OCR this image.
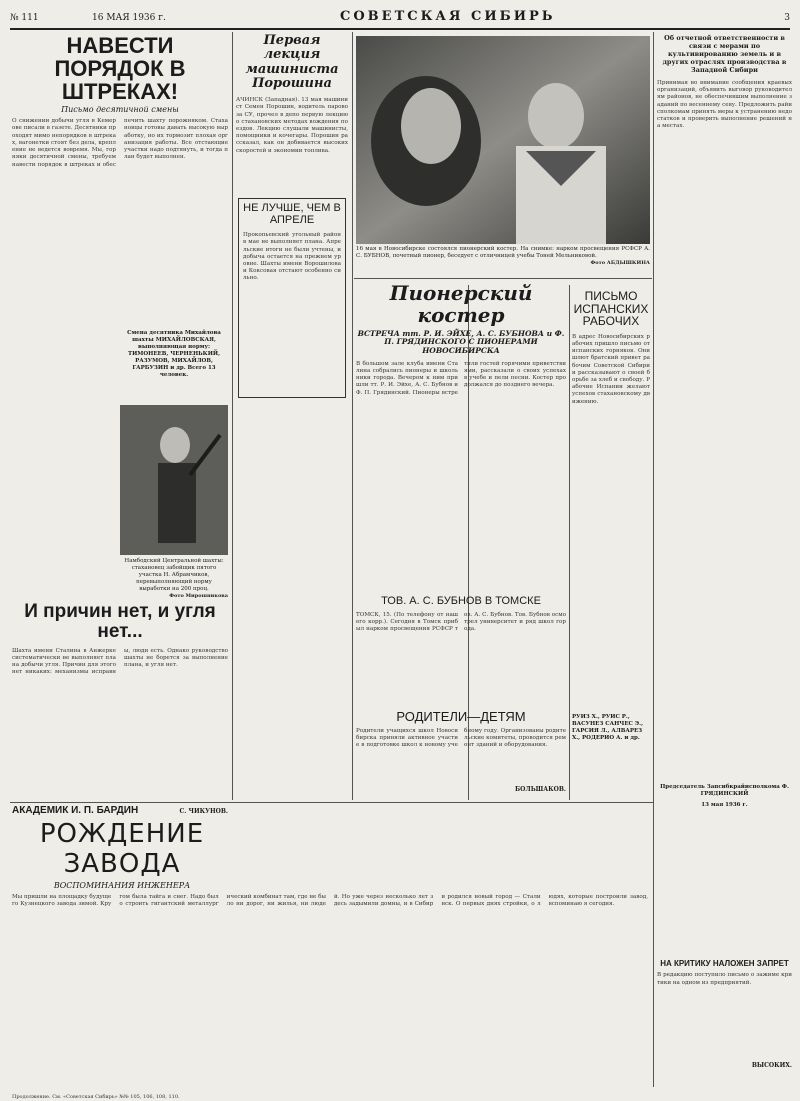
№ 111	16 МАЯ 1936 г.	СОВЕТСКАЯ СИБИРЬ	3
НАВЕСТИ ПОРЯДОК В ШТРЕКАХ!
Письмо десятичной смены
О снижении добычи угля в Кемерове писали в газете. Десятники проходят мимо непорядков в штреках, вагонетки стоят без дела, крепление не ведется вовремя. Мы, горняки десятичной смены, требуем навести порядок в штреках и обеспечить шахту порожняком. Стахановцы готовы давать высокую выработку, но их тормозит плохая организация работы. Все отстающие участки надо подтянуть, и тогда план будет выполнен.
Первая лекция машиниста Порошина
АЧИНСК (Западная). 13 мая машинист Семен Порошин, водитель паровоза СУ, прочел в депо первую лекцию о стахановских методах вождения поездов. Лекцию слушали машинисты, помощники и кочегары. Порошин рассказал, как он добивается высоких скоростей и экономии топлива.
НЕ ЛУЧШЕ, ЧЕМ В АПРЕЛЕ
Прокопьевский угольный район в мае не выполняет плана. Апрельские итоги не были учтены, и добыча остается на прежнем уровне. Шахты имени Ворошилова и Коксовая отстают особенно сильно.
16 мая в Новосибирске состоялся пионерский костер. На снимке: нарком просвещения РСФСР А. С. БУБНОВ, почетный пионер, беседует с отличницей учебы Тоней Мельниковой.
Фото АБДЫШКИНА
Пионерский костер
ВСТРЕЧА тт. Р. И. ЭЙХЕ, А. С. БУБНОВА и Ф. П. ГРЯДИНСКОГО С ПИОНЕРАМИ НОВОСИБИРСКА
В большом зале клуба имени Сталина собрались пионеры и школьники города. Вечером к ним пришли тт. Р. И. Эйхе, А. С. Бубнов и Ф. П. Грядинский. Пионеры встретили гостей горячими приветствиями, рассказали о своих успехах в учебе и пели песни. Костер продолжался до позднего вечера.
ПИСЬМО ИСПАНСКИХ РАБОЧИХ
В адрес Новосибирских рабочих пришло письмо от испанских горняков. Они шлют братский привет рабочим Советской Сибири и рассказывают о своей борьбе за хлеб и свободу. Рабочие Испании желают успехов стахановскому движению.
РУИЗ Х., РУИС Р., ВАСУНЕЗ САНЧЕС Э., ГАРСИЯ Л., АЛВАРЕЗ Х., РОДЕРИО А. и др.
Об отчетной ответственности в связи с мерами по культивированию земель и в других отраслях производства в Западной Сибири
Принимая во внимание сообщения краевых организаций, объявить выговор руководителям районов, не обеспечившим выполнение заданий по весеннему севу. Предложить райисполкомам принять меры к устранению недостатков и проверить выполнение решений на местах.
Председатель Запсибкрайисполкома Ф. ГРЯДИНСКИЙ
13 мая 1936 г.
НА КРИТИКУ НАЛОЖЕН ЗАПРЕТ
В редакцию поступило письмо о зажиме критики на одном из предприятий.
ВЫСОКИХ.
Смена десятника Михайлова шахты МИХАЙЛОВСКАЯ, выполняющая норму: ТИМОНЕЕВ, ЧЕРНЕНЬКИЙ, РАЗУМОВ, МИХАЙЛОВ, ГАРБУЗИН и др. Всего 13 человек.
Намбодский Центральной шахты: стахановец забойщик пятого участка Н. Абрамчиков, перевыполняющий норму выработки на 200 проц.
Фото Мирошникова
И причин нет, и угля нет...
Шахта имени Сталина в Анжерке систематически не выполняет плана добычи угля. Причин для этого нет никаких: механизмы исправны, люди есть. Однако руководство шахты не борется за выполнение плана, и угля нет.
С. ЧИКУНОВ.
ТОВ. А. С. БУБНОВ В ТОМСКЕ
ТОМСК, 15. (По телефону от нашего корр.). Сегодня в Томск прибыл нарком просвещения РСФСР тов. А. С. Бубнов. Тов. Бубнов осмотрел университет и ряд школ города.
РОДИТЕЛИ—ДЕТЯМ
Родители учащихся школ Новосибирска приняли активное участие в подготовке школ к новому учебному году. Организованы родительские комитеты, проводится ремонт зданий и оборудования.
БОЛЬШАКОВ.
АКАДЕМИК И. П. БАРДИН
РОЖДЕНИЕ ЗАВОДА
ВОСПОМИНАНИЯ ИНЖЕНЕРА
Мы пришли на площадку будущего Кузнецкого завода зимой. Кругом была тайга и снег. Надо было строить гигантский металлургический комбинат там, где не было ни дорог, ни жилья, ни людей. Но уже через несколько лет здесь задымили домны, и в Сибири родился новый город — Сталинск. О первых днях стройки, о людях, которые построили завод, вспоминаю я сегодня.
Продолжение. См. «Советская Сибирь» №№ 105, 106, 108, 110.
